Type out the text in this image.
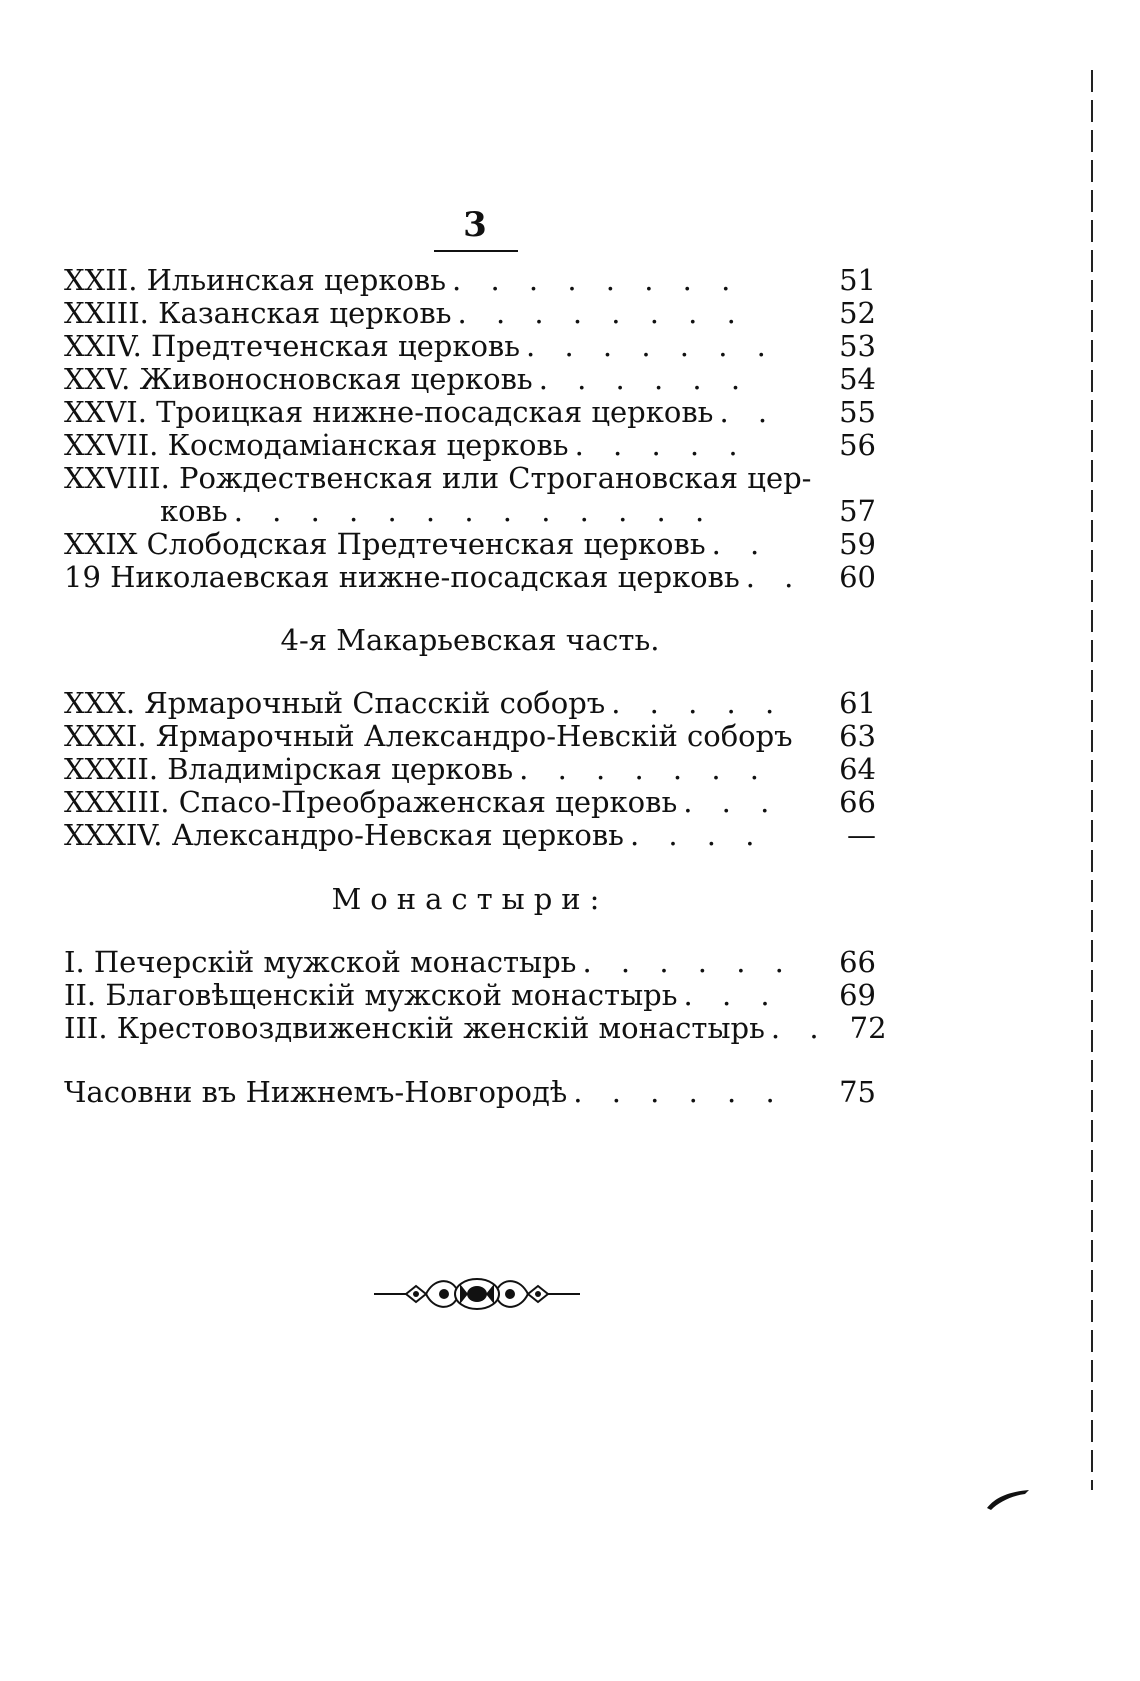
3
XXII. Ильинская церковь . . . . . . . .	51
XXIII. Казанская церковь . . . . . . . .	52
XXIV. Предтеченская церковь . . . . . . .	53
XXV. Живоносновская церковь . . . . . .	54
XXVI. Троицкая нижне-посадская церковь . .	55
XXVII. Космодаміанская церковь . . . . .	56
XXVIII. Рождественская или Строгановская цер-
ковь . . . . . . . . . . . . .	57
XXIX Слободская Предтеченская церковь . .	59
19 Николаевская нижне-посадская церковь . .	60
4-я Макарьевская часть.
XXX. Ярмарочный Спасскій соборъ . . . . .	61
XXXI. Ярмарочный Александро-Невскій соборъ	63
XXXII. Владимірская церковь . . . . . . .	64
XXXIII. Спасо-Преображенская церковь . . .	66
XXXIV. Александро-Невская церковь . . . .	—
Монастыри:
I. Печерскій мужской монастырь . . . . . .	66
II. Благовѣщенскій мужской монастырь . . .	69
III. Крестовоздвиженскій женскій монастырь . . 72
Часовни въ Нижнемъ-Новгородѣ . . . . . .	75
